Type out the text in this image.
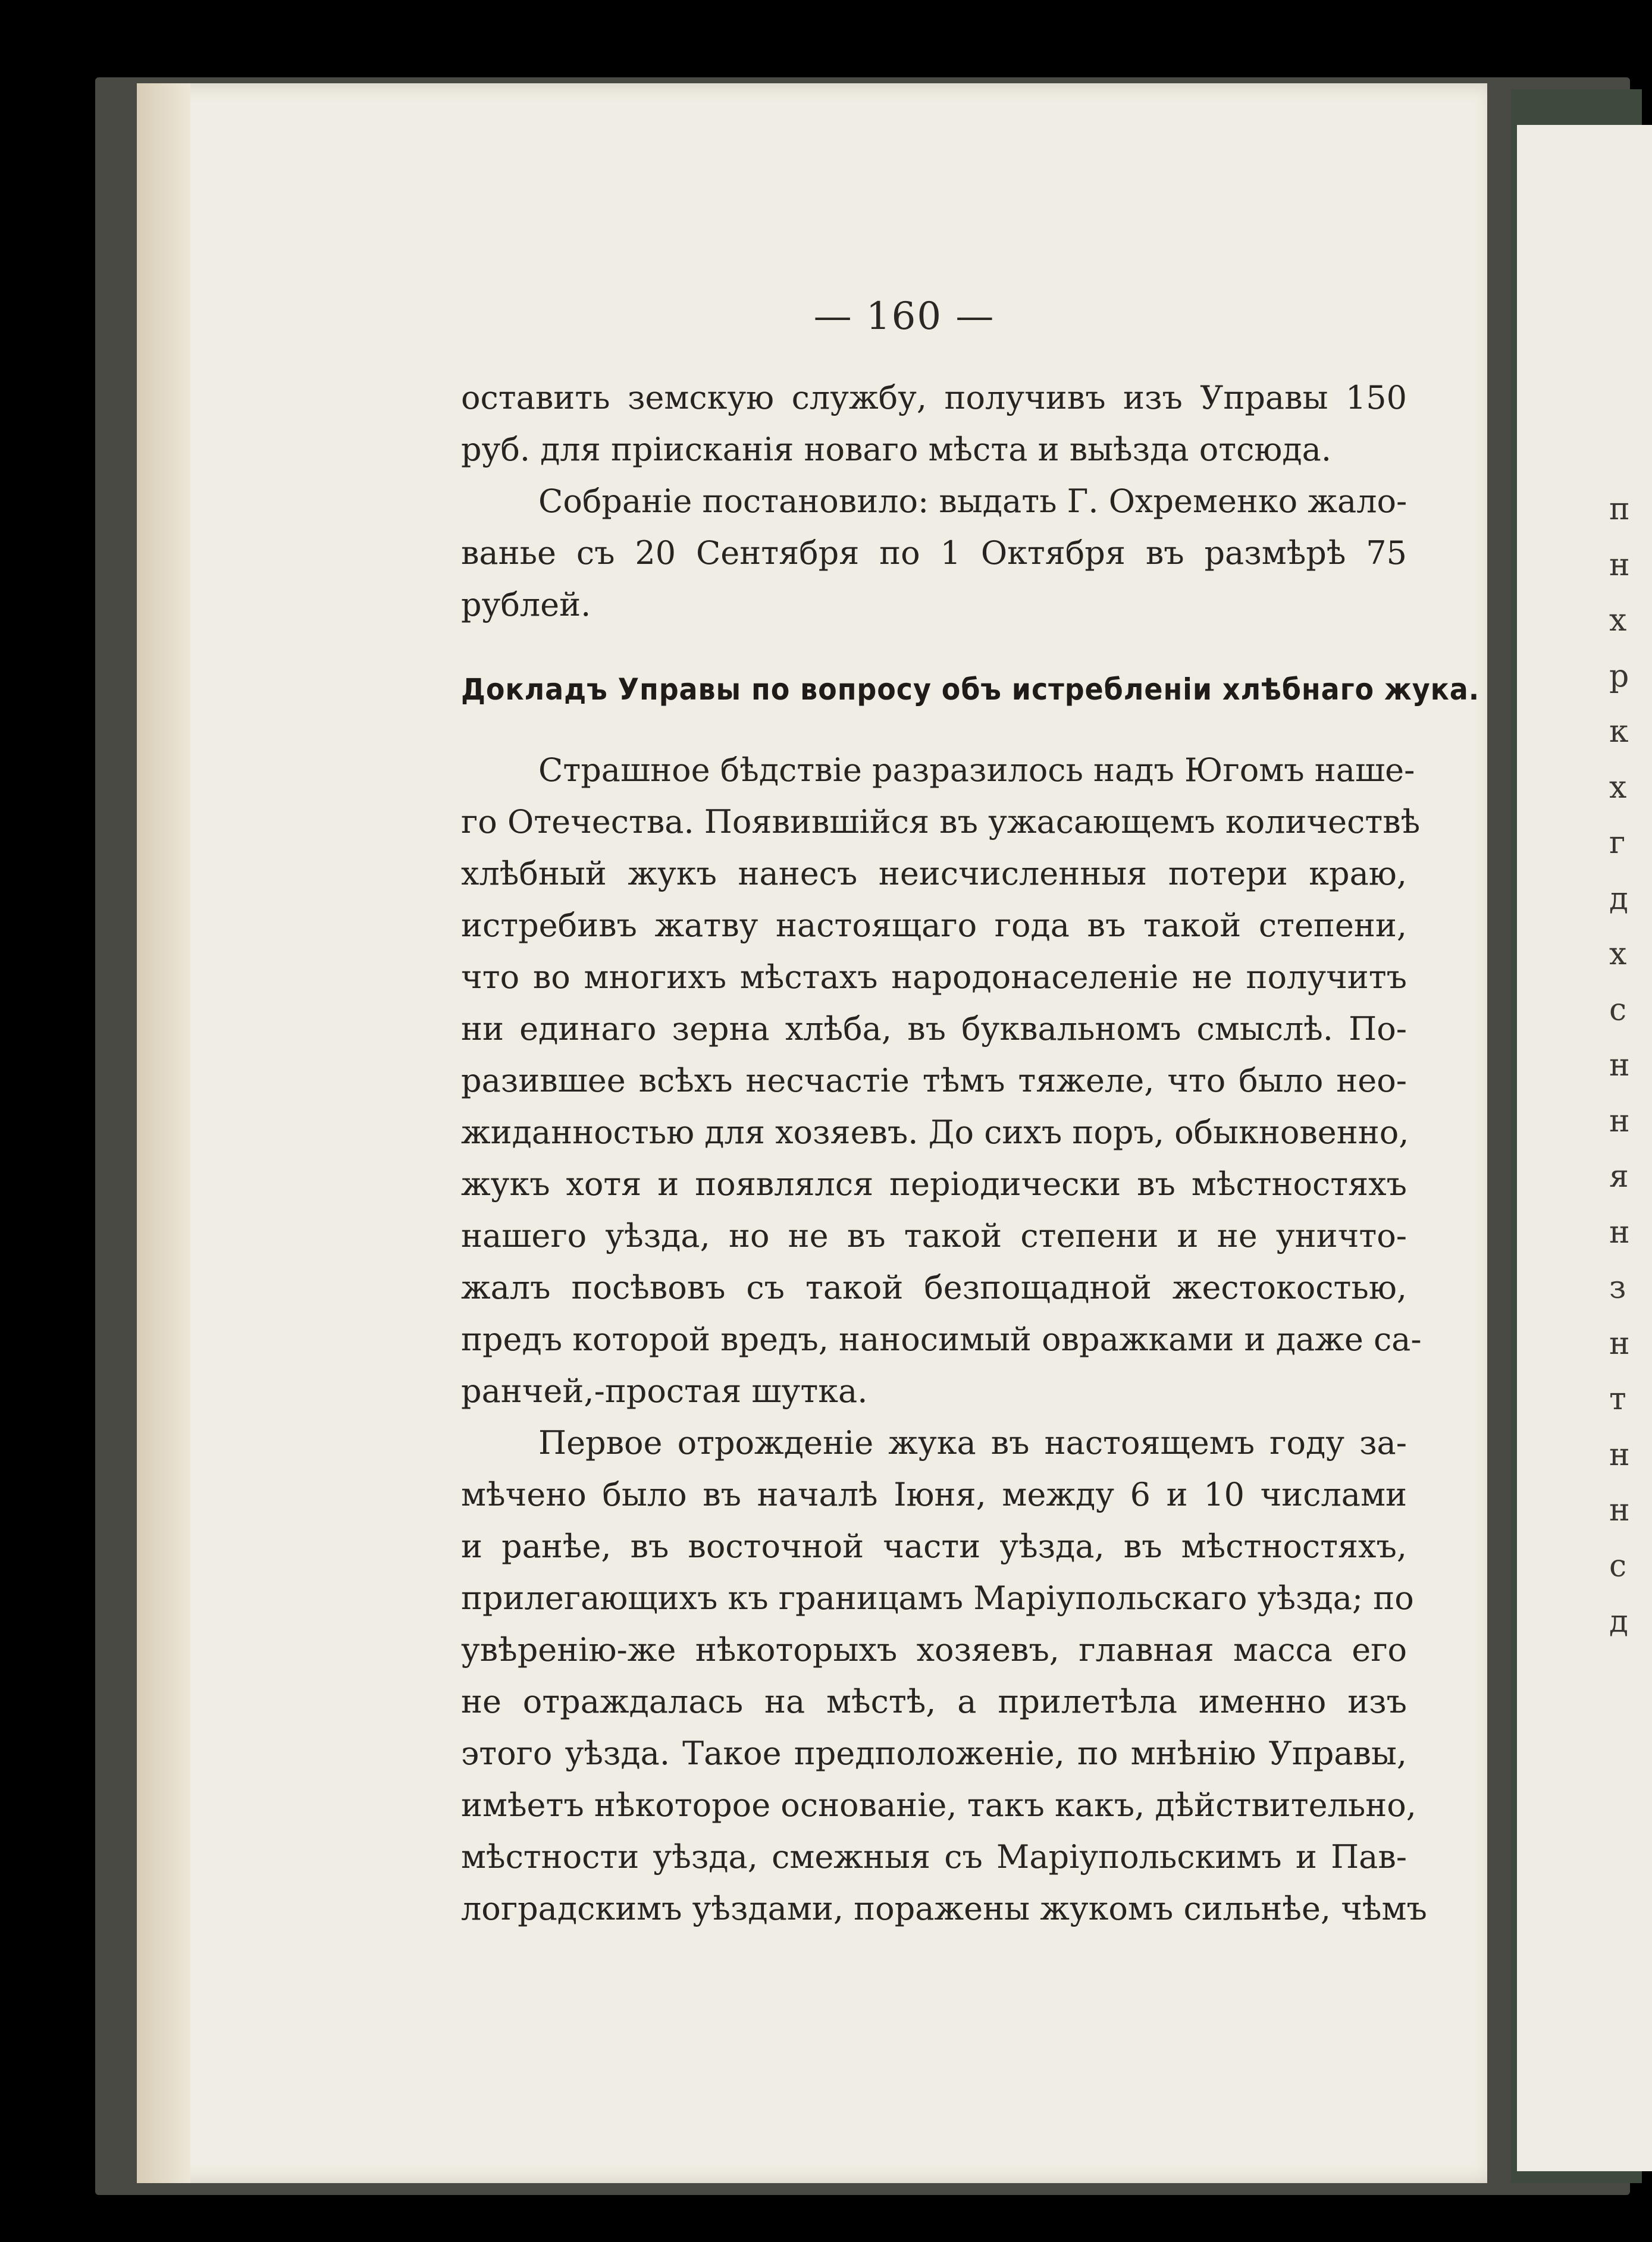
п
н
х
р
к
х
г
д
х
с
н
н
я
н
з
н
т
н
н
с
д
— 160 —
оставить земскую службу, получивъ изъ Управы 150
руб. для пріисканія новаго мѣста и выѣзда отсюда.
Собраніе постановило: выдать Г. Охременко жало-
ванье съ 20 Сентября по 1 Октября въ размѣрѣ 75
рублей.
Докладъ Управы по вопросу объ истребленіи хлѣбнаго жука.
Страшное бѣдствіе разразилось надъ Югомъ наше-
го Отечества. Появившійся въ ужасающемъ количествѣ
хлѣбный жукъ нанесъ неисчисленныя потери краю,
истребивъ жатву настоящаго года въ такой степени,
что во многихъ мѣстахъ народонаселеніе не получитъ
ни единаго зерна хлѣба, въ буквальномъ смыслѣ. По-
разившее всѣхъ несчастіе тѣмъ тяжеле, что было нео-
жиданностью для хозяевъ. До сихъ поръ, обыкновенно,
жукъ хотя и появлялся періодически въ мѣстностяхъ
нашего уѣзда, но не въ такой степени и не уничто-
жалъ посѣвовъ съ такой безпощадной жестокостью,
предъ которой вредъ, наносимый овражками и даже са-
ранчей,-простая шутка.
Первое отрожденіе жука въ настоящемъ году за-
мѣчено было въ началѣ Іюня, между 6 и 10 числами
и ранѣе, въ восточной части уѣзда, въ мѣстностяхъ,
прилегающихъ къ границамъ Маріупольскаго уѣзда; по
увѣренію-же нѣкоторыхъ хозяевъ, главная масса его
не отраждалась на мѣстѣ, а прилетѣла именно изъ
этого уѣзда. Такое предположеніе, по мнѣнію Управы,
имѣетъ нѣкоторое основаніе, такъ какъ, дѣйствительно,
мѣстности уѣзда, смежныя съ Маріупольскимъ и Пав-
лоградскимъ уѣздами, поражены жукомъ сильнѣе, чѣмъ
